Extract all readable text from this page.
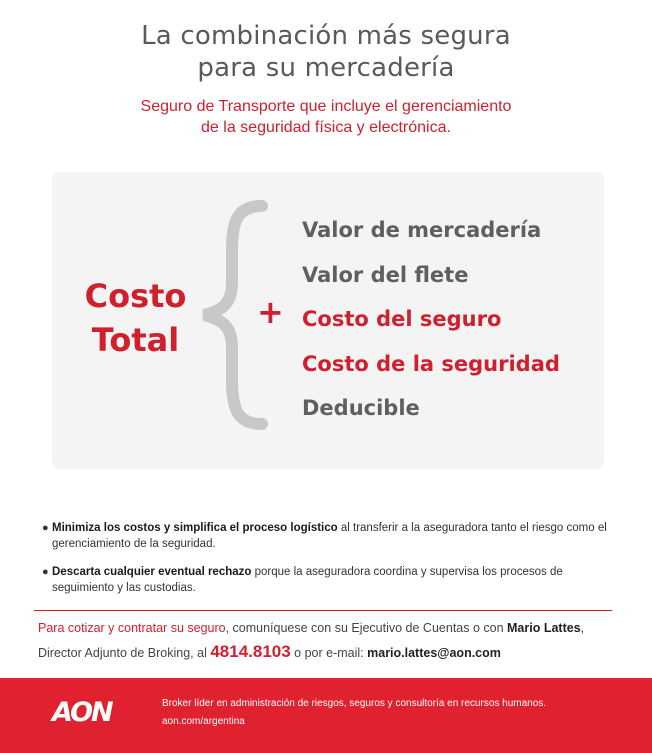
La combinación más segura
para su mercadería
Seguro de Transporte que incluye el gerenciamiento
de la seguridad física y electrónica.
Costo
Total
+
Valor de mercadería
Valor del flete
Costo del seguro
Costo de la seguridad
Deducible
● Minimiza los costos y simplifica el proceso logístico al transferir a la aseguradora tanto el riesgo como el gerenciamiento de la seguridad.
● Descarta cualquier eventual rechazo porque la aseguradora coordina y supervisa los procesos de seguimiento y las custodias.
Para cotizar y contratar su seguro, comuníquese con su Ejecutivo de Cuentas o con Mario Lattes,
Director Adjunto de Broking, al 4814.8103 o por e-mail: mario.lattes@aon.com
AON	Broker líder en administración de riesgos, seguros y consultoría en recursos humanos.
aon.com/argentina
